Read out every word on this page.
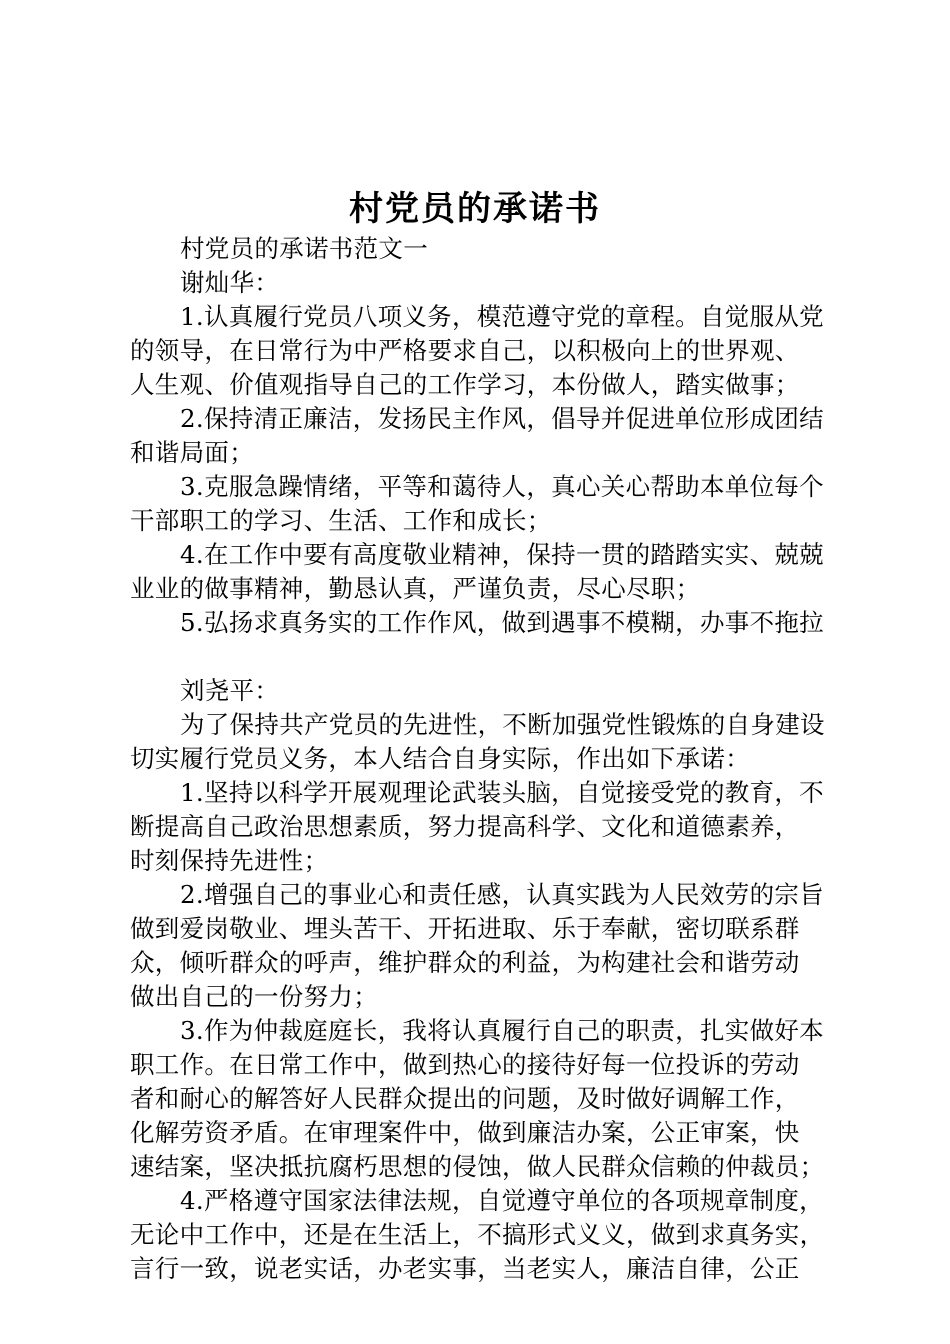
村党员的承诺书
村党员的承诺书范文一
谢灿华：
1.认真履行党员八项义务，模范遵守党的章程。自觉服从党
的领导，在日常行为中严格要求自己，以积极向上的世界观、
人生观、价值观指导自己的工作学习，本份做人，踏实做事；
2.保持清正廉洁，发扬民主作风，倡导并促进单位形成团结
和谐局面；
3.克服急躁情绪，平等和蔼待人，真心关心帮助本单位每个
干部职工的学习、生活、工作和成长；
4.在工作中要有高度敬业精神，保持一贯的踏踏实实、兢兢
业业的做事精神，勤恳认真，严谨负责，尽心尽职；
5.弘扬求真务实的工作作风，做到遇事不模糊，办事不拖拉
刘尧平：
为了保持共产党员的先进性，不断加强党性锻炼的自身建设
切实履行党员义务，本人结合自身实际，作出如下承诺：
1.坚持以科学开展观理论武装头脑，自觉接受党的教育，不
断提高自己政治思想素质，努力提高科学、文化和道德素养，
时刻保持先进性；
2.增强自己的事业心和责任感，认真实践为人民效劳的宗旨
做到爱岗敬业、埋头苦干、开拓进取、乐于奉献，密切联系群
众，倾听群众的呼声，维护群众的利益，为构建社会和谐劳动
做出自己的一份努力；
3.作为仲裁庭庭长，我将认真履行自己的职责，扎实做好本
职工作。在日常工作中，做到热心的接待好每一位投诉的劳动
者和耐心的解答好人民群众提出的问题，及时做好调解工作，
化解劳资矛盾。在审理案件中，做到廉洁办案，公正审案，快
速结案，坚决抵抗腐朽思想的侵蚀，做人民群众信赖的仲裁员；
4.严格遵守国家法律法规，自觉遵守单位的各项规章制度，
无论中工作中，还是在生活上，不搞形式义义，做到求真务实，
言行一致，说老实话，办老实事，当老实人，廉洁自律，公正
